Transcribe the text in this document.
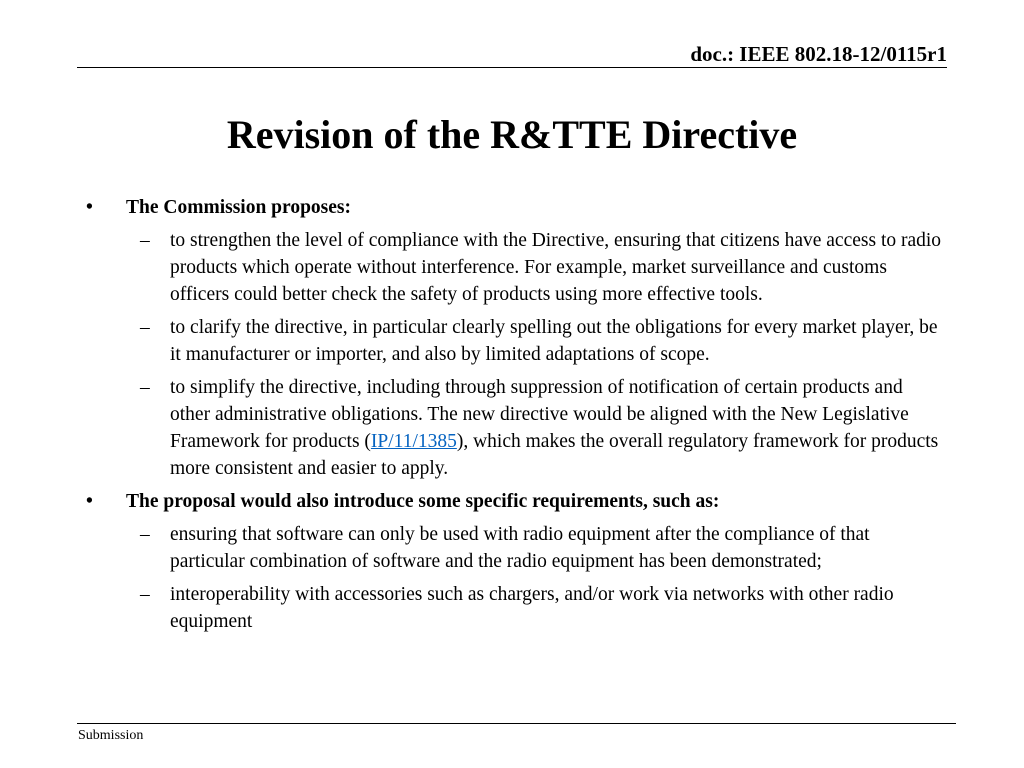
doc.: IEEE 802.18-12/0115r1
Revision of the R&TTE Directive
• The Commission proposes:
– to strengthen the level of compliance with the Directive, ensuring that citizens have access to radio products which operate without interference. For example, market surveillance and customs officers could better check the safety of products using more effective tools.
– to clarify the directive, in particular clearly spelling out the obligations for every market player, be it manufacturer or importer, and also by limited adaptations of scope.
– to simplify the directive, including through suppression of notification of certain products and other administrative obligations. The new directive would be aligned with the New Legislative Framework for products (IP/11/1385), which makes the overall regulatory framework for products more consistent and easier to apply.
• The proposal would also introduce some specific requirements, such as:
– ensuring that software can only be used with radio equipment after the compliance of that particular combination of software and the radio equipment has been demonstrated;
– interoperability with accessories such as chargers, and/or work via networks with other radio equipment
Submission
